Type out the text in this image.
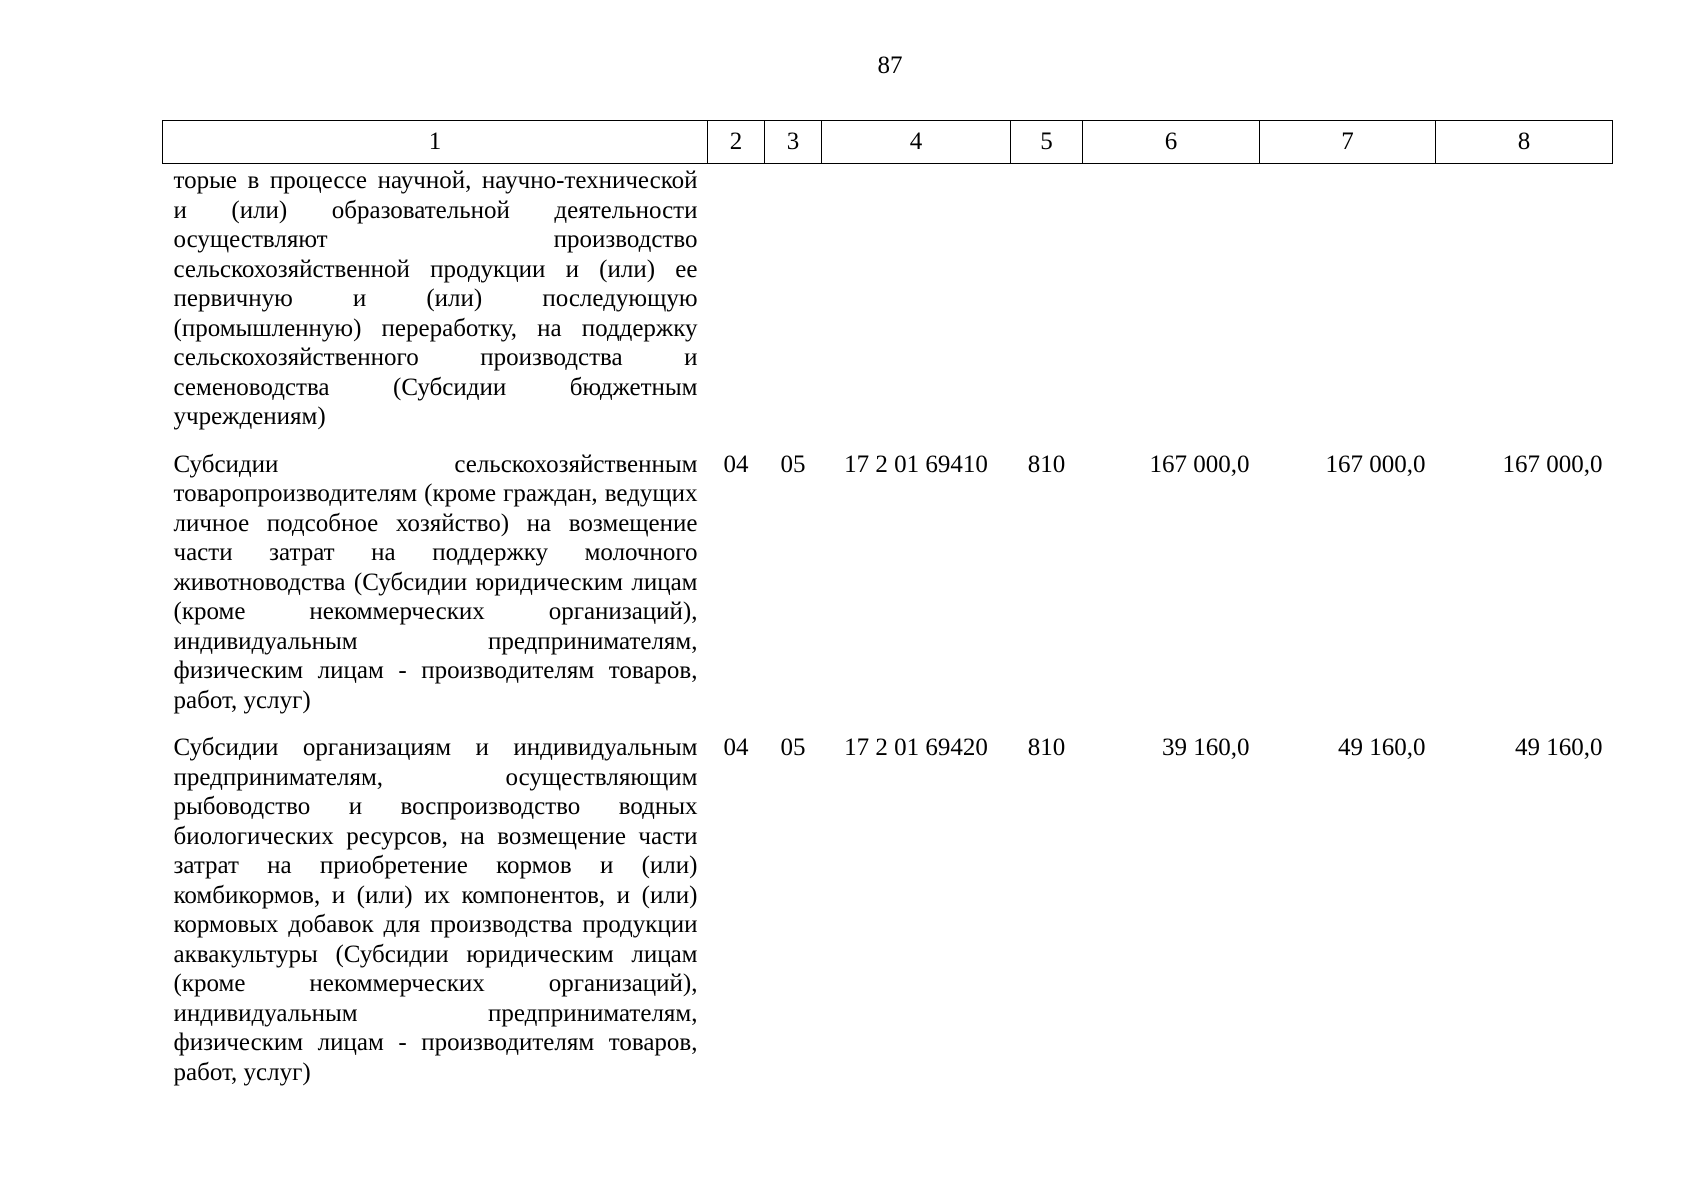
87
1	2	3	4	5	6	7	8
торые в процессе научной, научно-технической и (или) образовательной деятельности осуществляют производство сельскохозяйственной продукции и (или) ее первичную и (или) последующую (промышленную) переработку, на поддержку сельскохозяйственного производства и семеноводства (Субсидии бюджетным учреждениям)							
Субсидии сельскохозяйственным товаропроизводителям (кроме граждан, ведущих личное подсобное хозяйство) на возмещение части затрат на поддержку молочного животноводства (Субсидии юридическим лицам (кроме некоммерческих организаций), индивидуальным предпринимателям, физическим лицам - производителям товаров, работ, услуг)	04	05	17 2 01 69410	810	167 000,0	167 000,0	167 000,0
Субсидии организациям и индивидуальным предпринимателям, осуществляющим рыбоводство и воспроизводство водных биологических ресурсов, на возмещение части затрат на приобретение кормов и (или) комбикормов, и (или) их компонентов, и (или) кормовых добавок для производства продукции аквакультуры (Субсидии юридическим лицам (кроме некоммерческих организаций), индивидуальным предпринимателям, физическим лицам - производителям товаров, работ, услуг)	04	05	17 2 01 69420	810	39 160,0	49 160,0	49 160,0
